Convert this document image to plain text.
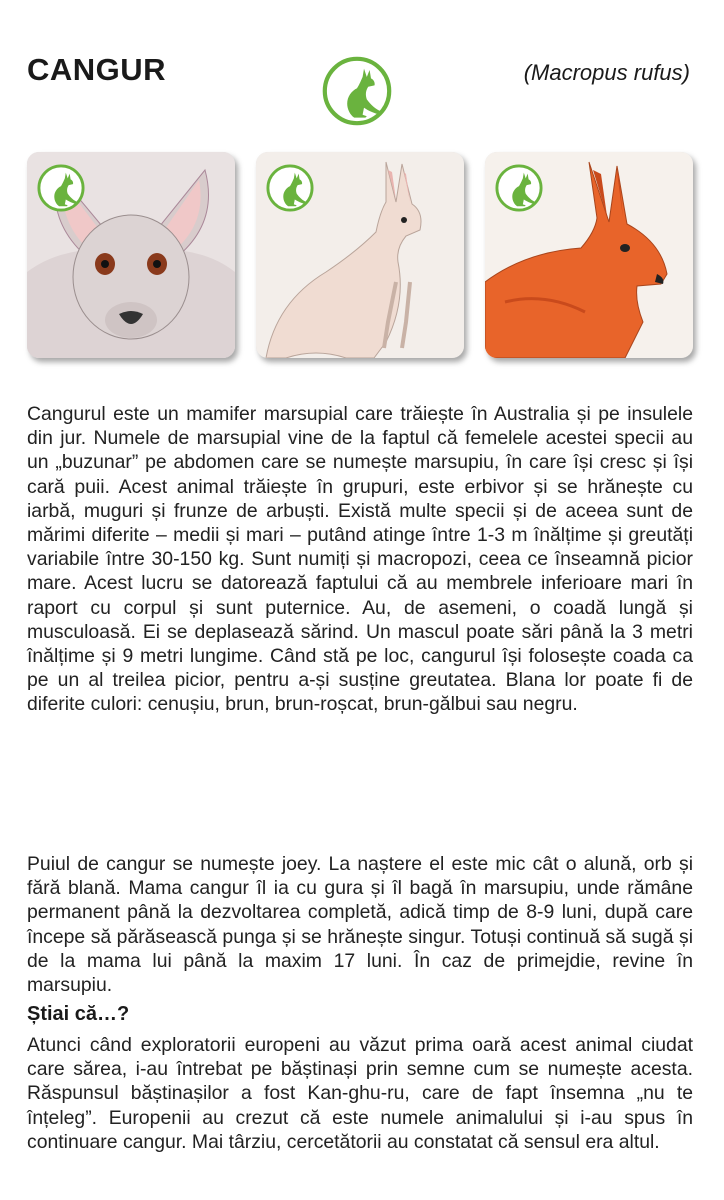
CANGUR	(Macropus rufus)

Cangurul este un mamifer marsupial care trăiește în Australia și pe insulele din jur. Numele de marsupial vine de la faptul că femelele acestei specii au un „buzunar” pe abdomen care se numește marsupiu, în care își cresc și își cară puii. Acest animal trăiește în grupuri, este erbivor și se hrănește cu iarbă, muguri și frunze de arbuști. Există multe specii și de aceea sunt de mărimi diferite – medii și mari – putând atinge între 1-3 m înălțime și greutăți variabile între 30-150 kg. Sunt numiți și macropozi, ceea ce înseamnă picior mare. Acest lucru se datorează faptului că au membrele inferioare mari în raport cu corpul și sunt puternice. Au, de asemeni, o coadă lungă și musculoasă. Ei se deplasează sărind. Un mascul poate sări până la 3 metri înălțime și 9 metri lungime. Când stă pe loc, cangurul își folosește coada ca pe un al treilea picior, pentru a-și susține greutatea. Blana lor poate fi de diferite culori: cenușiu, brun, brun-roșcat, brun-gălbui sau negru.

Puiul de cangur se numește joey. La naștere el este mic cât o alună, orb și fără blană. Mama cangur îl ia cu gura și îl bagă în marsupiu, unde rămâne permanent până la dezvoltarea completă, adică timp de 8-9 luni, după care începe să părăsească punga și se hrănește singur. Totuși continuă să sugă și de la mama lui până la maxim 17 luni. În caz de primejdie, revine în marsupiu.

Știai că…?

Atunci când exploratorii europeni au văzut prima oară acest animal ciudat care sărea, i-au întrebat pe băștinași prin semne cum se numește acesta. Răspunsul băștinașilor a fost Kan-ghu-ru, care de fapt însemna „nu te înțeleg”. Europenii au crezut că este numele animalului și i-au spus în continuare cangur. Mai târziu, cercetătorii au constatat că sensul era altul.
